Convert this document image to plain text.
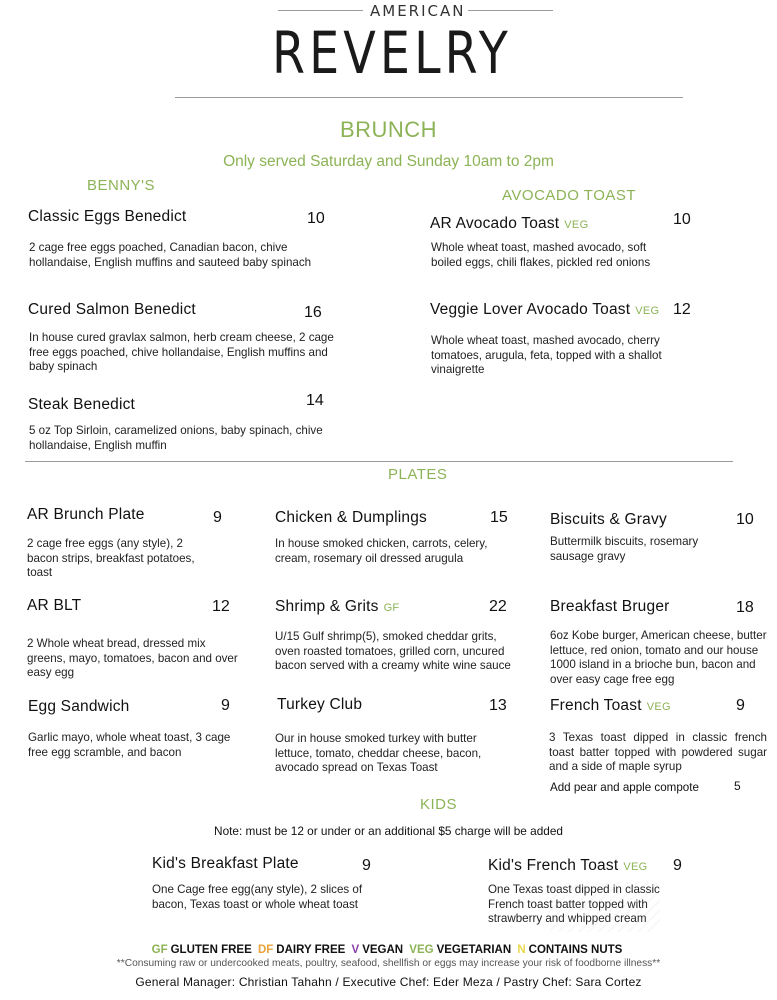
AMERICAN
REVELRY
BRUNCH
Only served Saturday and Sunday 10am to 2pm
BENNY'S
Classic Eggs Benedict	10
2 cage free eggs poached, Canadian bacon, chive hollandaise, English muffins and sauteed baby spinach
Cured Salmon Benedict	16
In house cured gravlax salmon, herb cream cheese, 2 cage free eggs poached, chive hollandaise, English muffins and baby spinach
Steak Benedict	14
5 oz Top Sirloin, caramelized onions, baby spinach, chive hollandaise, English muffin
AVOCADO TOAST
AR Avocado Toast VEG	10
Whole wheat toast, mashed avocado, soft boiled eggs, chili flakes, pickled red onions
Veggie Lover Avocado Toast VEG 12
Whole wheat toast, mashed avocado, cherry tomatoes, arugula, feta, topped with a shallot vinaigrette
PLATES
AR Brunch Plate	9
2 cage free eggs (any style), 2 bacon strips, breakfast potatoes, toast
Chicken & Dumplings	15
In house smoked chicken, carrots, celery, cream, rosemary oil dressed arugula
Biscuits & Gravy	10
Buttermilk biscuits, rosemary sausage gravy
AR BLT	12
2 Whole wheat bread, dressed mix greens, mayo, tomatoes, bacon and over easy egg
Shrimp & Grits GF	22
U/15 Gulf shrimp(5), smoked cheddar grits, oven roasted tomatoes, grilled corn, uncured bacon served with a creamy white wine sauce
Breakfast Bruger	18
6oz Kobe burger, American cheese, butter lettuce, red onion, tomato and our house 1000 island in a brioche bun, bacon and over easy cage free egg
Egg Sandwich	9
Garlic mayo, whole wheat toast, 3 cage free egg scramble, and bacon
Turkey Club	13
Our in house smoked turkey with butter lettuce, tomato, cheddar cheese, bacon, avocado spread on Texas Toast
French Toast VEG	9
3 Texas toast dipped in classic french toast batter topped with powdered sugar and a side of maple syrup
Add pear and apple compote	5
KIDS
Note: must be 12 or under or an additional $5 charge will be added
Kid's Breakfast Plate	9
One Cage free egg(any style), 2 slices of bacon, Texas toast or whole wheat toast
Kid's French Toast VEG 9
One Texas toast dipped in classic French toast batter topped with strawberry and whipped cream
GF GLUTEN FREE DF DAIRY FREE V VEGAN VEG VEGETARIAN N CONTAINS NUTS
**Consuming raw or undercooked meats, poultry, seafood, shellfish or eggs may increase your risk of foodborne illness**
General Manager: Christian Tahahn / Executive Chef: Eder Meza / Pastry Chef: Sara Cortez
